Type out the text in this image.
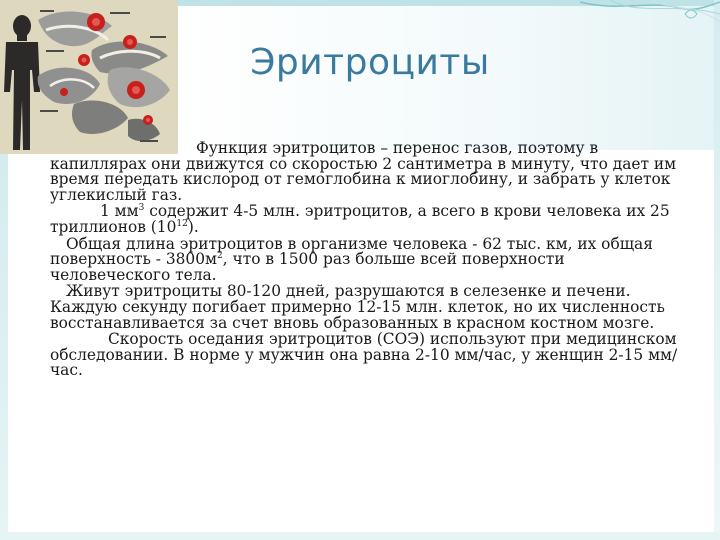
Эритроциты

Функция эритроцитов – перенос газов, поэтому в капиллярах они движутся со скоростью 2 сантиметра в минуту, что дает им время передать кислород от гемоглобина к миоглобину, и забрать у клеток углекислый газ.

1 $мм^3$ содержит 4-5 млн. эритроцитов, а всего в крови человека их 25 триллионов $(10^{12})$.

Общая длина эритроцитов в организме человека - 62 тыс. км, их общая поверхность - $3800м^2$, что в 1500 раз больше всей поверхности человеческого тела.

Живут эритроциты 80-120 дней, разрушаются в селезенке и печени. Каждую секунду погибает примерно 12-15 млн. клеток, но их численность восстанавливается за счет вновь образованных в красном костном мозге.

Скорость оседания эритроцитов (СОЭ) используют при медицинском обследовании. В норме у мужчин она равна 2-10 мм/час, у женщин 2-15 мм/час.
